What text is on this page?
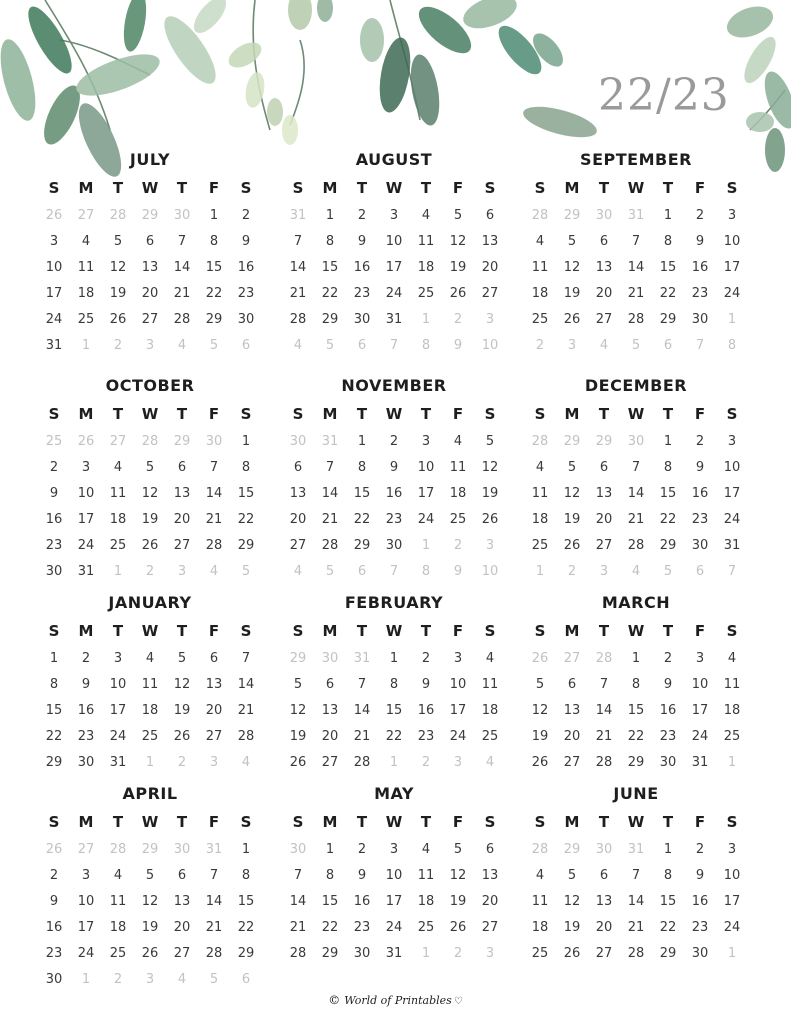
22/23
JULY
S	M	T	W	T	F	S
26	27	28	29	30	1	2
3	4	5	6	7	8	9
10	11	12	13	14	15	16
17	18	19	20	21	22	23
24	25	26	27	28	29	30
31	1	2	3	4	5	6
AUGUST
S	M	T	W	T	F	S
31	1	2	3	4	5	6
7	8	9	10	11	12	13
14	15	16	17	18	19	20
21	22	23	24	25	26	27
28	29	30	31	1	2	3
4	5	6	7	8	9	10
SEPTEMBER
S	M	T	W	T	F	S
28	29	30	31	1	2	3
4	5	6	7	8	9	10
11	12	13	14	15	16	17
18	19	20	21	22	23	24
25	26	27	28	29	30	1
2	3	4	5	6	7	8
OCTOBER
S	M	T	W	T	F	S
25	26	27	28	29	30	1
2	3	4	5	6	7	8
9	10	11	12	13	14	15
16	17	18	19	20	21	22
23	24	25	26	27	28	29
30	31	1	2	3	4	5
NOVEMBER
S	M	T	W	T	F	S
30	31	1	2	3	4	5
6	7	8	9	10	11	12
13	14	15	16	17	18	19
20	21	22	23	24	25	26
27	28	29	30	1	2	3
4	5	6	7	8	9	10
DECEMBER
S	M	T	W	T	F	S
28	29	29	30	1	2	3
4	5	6	7	8	9	10
11	12	13	14	15	16	17
18	19	20	21	22	23	24
25	26	27	28	29	30	31
1	2	3	4	5	6	7
JANUARY
S	M	T	W	T	F	S
1	2	3	4	5	6	7
8	9	10	11	12	13	14
15	16	17	18	19	20	21
22	23	24	25	26	27	28
29	30	31	1	2	3	4
FEBRUARY
S	M	T	W	T	F	S
29	30	31	1	2	3	4
5	6	7	8	9	10	11
12	13	14	15	16	17	18
19	20	21	22	23	24	25
26	27	28	1	2	3	4
MARCH
S	M	T	W	T	F	S
26	27	28	1	2	3	4
5	6	7	8	9	10	11
12	13	14	15	16	17	18
19	20	21	22	23	24	25
26	27	28	29	30	31	1
APRIL
S	M	T	W	T	F	S
26	27	28	29	30	31	1
2	3	4	5	6	7	8
9	10	11	12	13	14	15
16	17	18	19	20	21	22
23	24	25	26	27	28	29
30	1	2	3	4	5	6
MAY
S	M	T	W	T	F	S
30	1	2	3	4	5	6
7	8	9	10	11	12	13
14	15	16	17	18	19	20
21	22	23	24	25	26	27
28	29	30	31	1	2	3
JUNE
S	M	T	W	T	F	S
28	29	30	31	1	2	3
4	5	6	7	8	9	10
11	12	13	14	15	16	17
18	19	20	21	22	23	24
25	26	27	28	29	30	1
© World of Printables ♡
